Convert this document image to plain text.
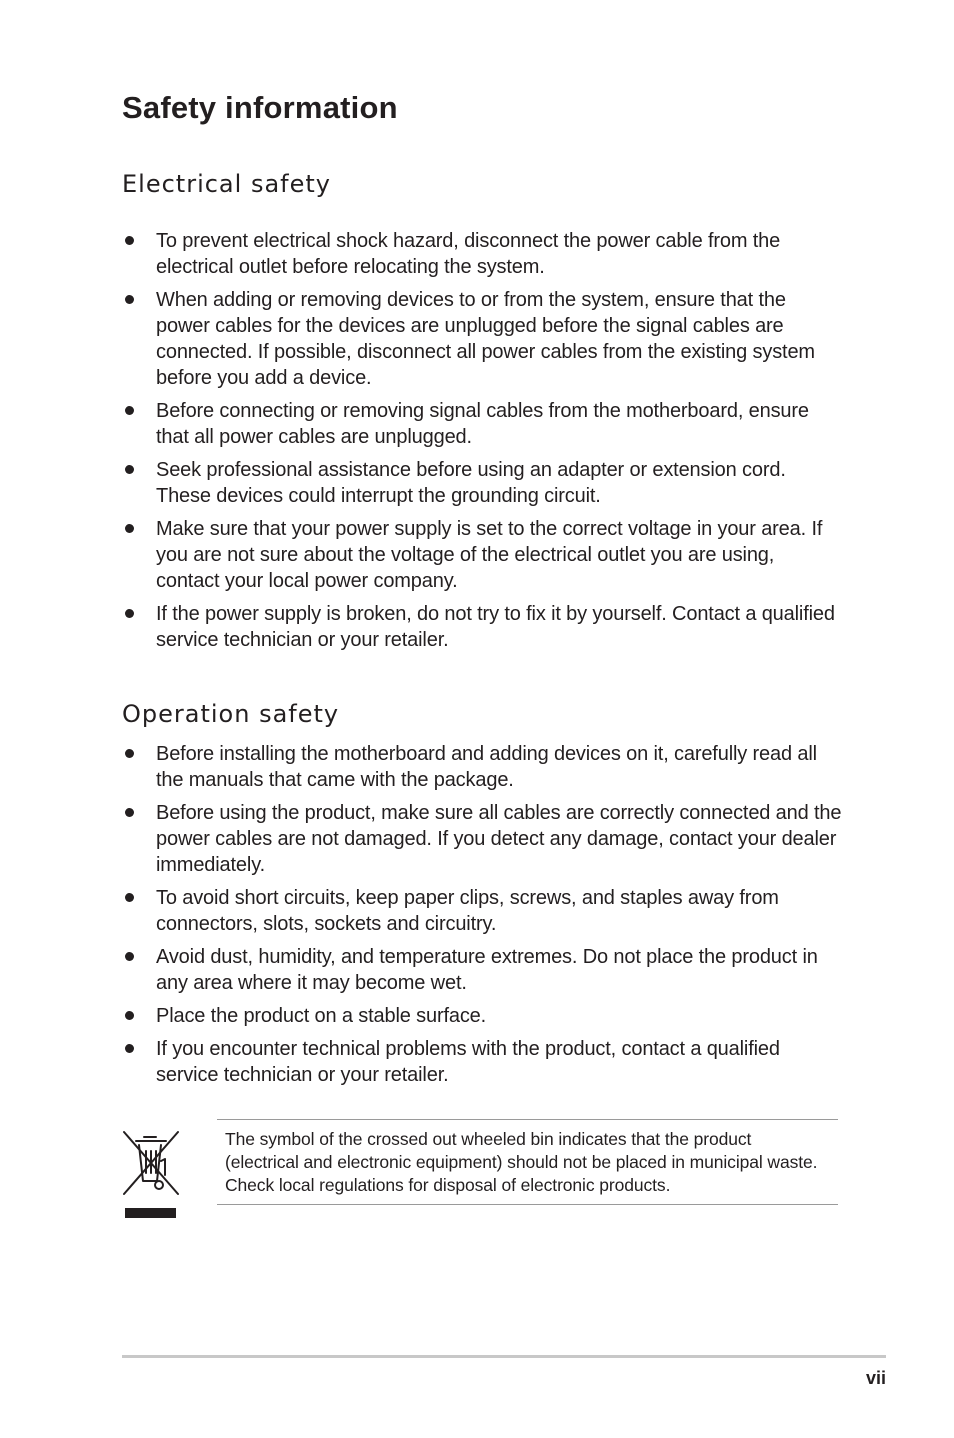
Safety information
Electrical safety
To prevent electrical shock hazard, disconnect the power cable from the electrical outlet before relocating the system.
When adding or removing devices to or from the system, ensure that the power cables for the devices are unplugged before the signal cables are connected. If possible, disconnect all power cables from the existing system before you add a device.
Before connecting or removing signal cables from the motherboard, ensure that all power cables are unplugged.
Seek professional assistance before using an adapter or extension cord. These devices could interrupt the grounding circuit.
Make sure that your power supply is set to the correct voltage in your area. If you are not sure about the voltage of the electrical outlet you are using, contact your local power company.
If the power supply is broken, do not try to fix it by yourself. Contact a qualified service technician or your retailer.
Operation safety
Before installing the motherboard and adding devices on it, carefully read all the manuals that came with the package.
Before using the product, make sure all cables are correctly connected and the power cables are not damaged. If you detect any damage, contact your dealer immediately.
To avoid short circuits, keep paper clips, screws, and staples away from connectors, slots, sockets and circuitry.
Avoid dust, humidity, and temperature extremes. Do not place the product in any area where it may become wet.
Place the product on a stable surface.
If you encounter technical problems with the product, contact a qualified service technician or your retailer.

The symbol of the crossed out wheeled bin indicates that the product (electrical and electronic equipment) should not be placed in municipal waste. Check local regulations for disposal of electronic products.

vii
